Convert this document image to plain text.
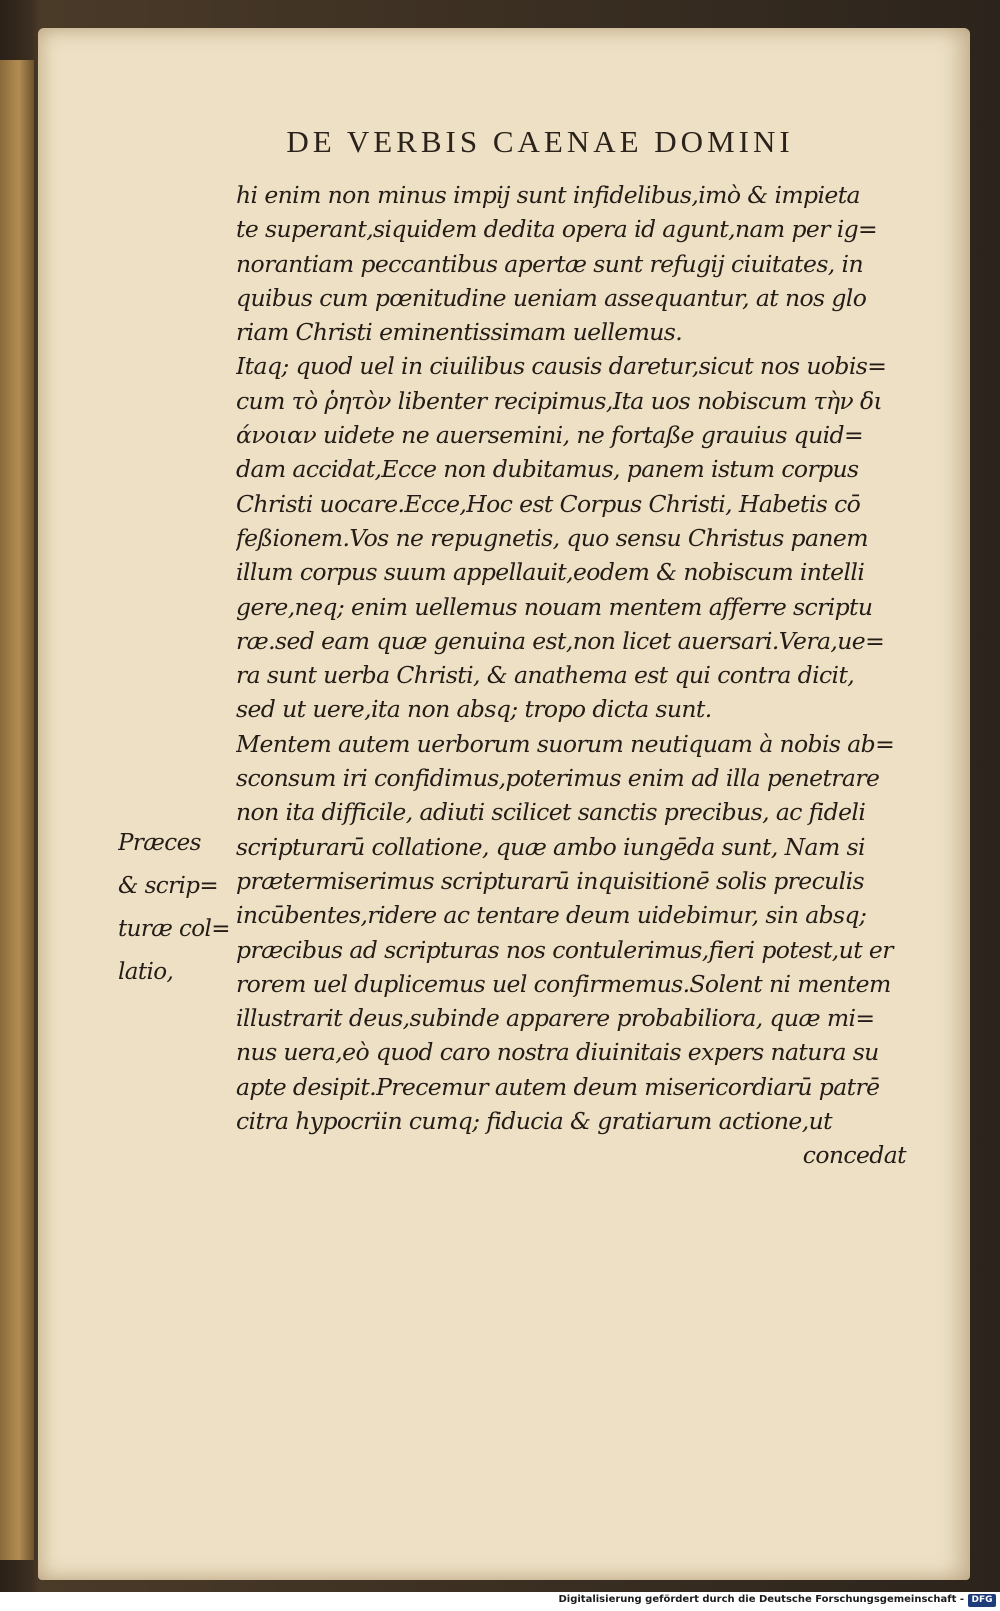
DE VERBIS CAENAE DOMINI
Præces
& scrip=
turæ col=
latio,
hi enim non minus impij sunt infidelibus,imò & impieta
te superant,siquidem dedita opera id agunt,nam per ig=
norantiam peccantibus apertæ sunt refugij ciuitates, in
quibus cum pœnitudine ueniam assequantur, at nos glo
riam Christi eminentissimam uellemus.
Itaq; quod uel in ciuilibus causis daretur,sicut nos uobis=
cum τὸ ῥητὸν libenter recipimus,Ita uos nobiscum τὴν δι
άνοιαν uidete ne auersemini, ne fortaße grauius quid=
dam accidat,Ecce non dubitamus, panem istum corpus
Christi uocare.Ecce,Hoc est Corpus Christi, Habetis cō
feßionem.Vos ne repugnetis, quo sensu Christus panem
illum corpus suum appellauit,eodem & nobiscum intelli
gere,neq; enim uellemus nouam mentem afferre scriptu
ræ.sed eam quæ genuina est,non licet auersari.Vera,ue=
ra sunt uerba Christi, & anathema est qui contra dicit,
sed ut uere,ita non absq; tropo dicta sunt.
Mentem autem uerborum suorum neutiquam à nobis ab=
sconsum iri confidimus,poterimus enim ad illa penetrare
non ita difficile, adiuti scilicet sanctis precibus, ac fideli
scripturarū collatione, quæ ambo iungēda sunt, Nam si
prætermiserimus scripturarū inquisitionē solis preculis
incūbentes,ridere ac tentare deum uidebimur, sin absq;
præcibus ad scripturas nos contulerimus,fieri potest,ut er
rorem uel duplicemus uel confirmemus.Solent ni mentem
illustrarit deus,subinde apparere probabiliora, quæ mi=
nus uera,eò quod caro nostra diuinitais expers natura su
apte desipit.Precemur autem deum misericordiarū patrē
citra hypocriin cumq; fiducia & gratiarum actione,ut
concedat
Digitalisierung gefördert durch die Deutsche Forschungsgemeinschaft - DFG
